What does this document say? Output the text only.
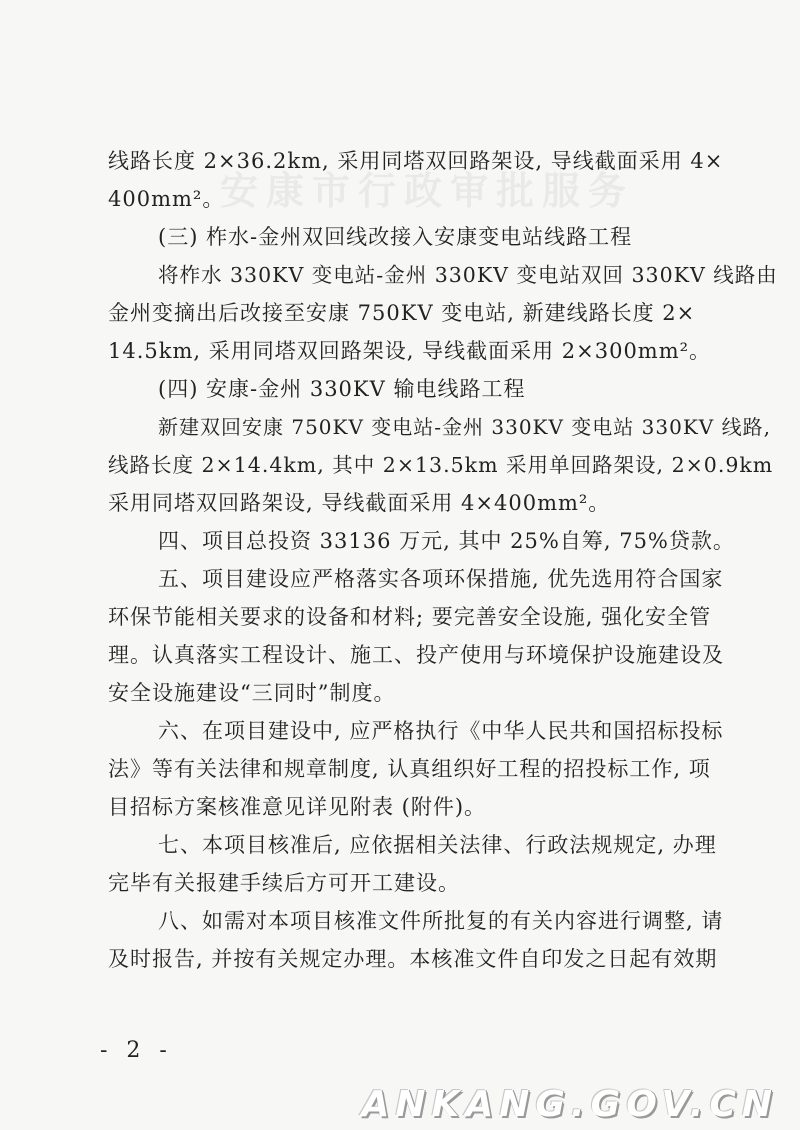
安康市行政审批服务
线路长度 2×36.2km, 采用同塔双回路架设, 导线截面采用 4×
400mm²。
(三) 柞水-金州双回线改接入安康变电站线路工程
将柞水 330KV 变电站-金州 330KV 变电站双回 330KV 线路由
金州变摘出后改接至安康 750KV 变电站, 新建线路长度 2×
14.5km, 采用同塔双回路架设, 导线截面采用 2×300mm²。
(四) 安康-金州 330KV 输电线路工程
新建双回安康 750KV 变电站-金州 330KV 变电站 330KV 线路,
线路长度 2×14.4km, 其中 2×13.5km 采用单回路架设, 2×0.9km
采用同塔双回路架设, 导线截面采用 4×400mm²。
四、项目总投资 33136 万元, 其中 25%自筹, 75%贷款。
五、项目建设应严格落实各项环保措施, 优先选用符合国家
环保节能相关要求的设备和材料; 要完善安全设施, 强化安全管
理。认真落实工程设计、施工、投产使用与环境保护设施建设及
安全设施建设“三同时”制度。
六、在项目建设中, 应严格执行《中华人民共和国招标投标
法》等有关法律和规章制度, 认真组织好工程的招投标工作, 项
目招标方案核准意见详见附表 (附件)。
七、本项目核准后, 应依据相关法律、行政法规规定, 办理
完毕有关报建手续后方可开工建设。
八、如需对本项目核准文件所批复的有关内容进行调整, 请
及时报告, 并按有关规定办理。本核准文件自印发之日起有效期
- 2 -
ANKANG.GOV.CN
